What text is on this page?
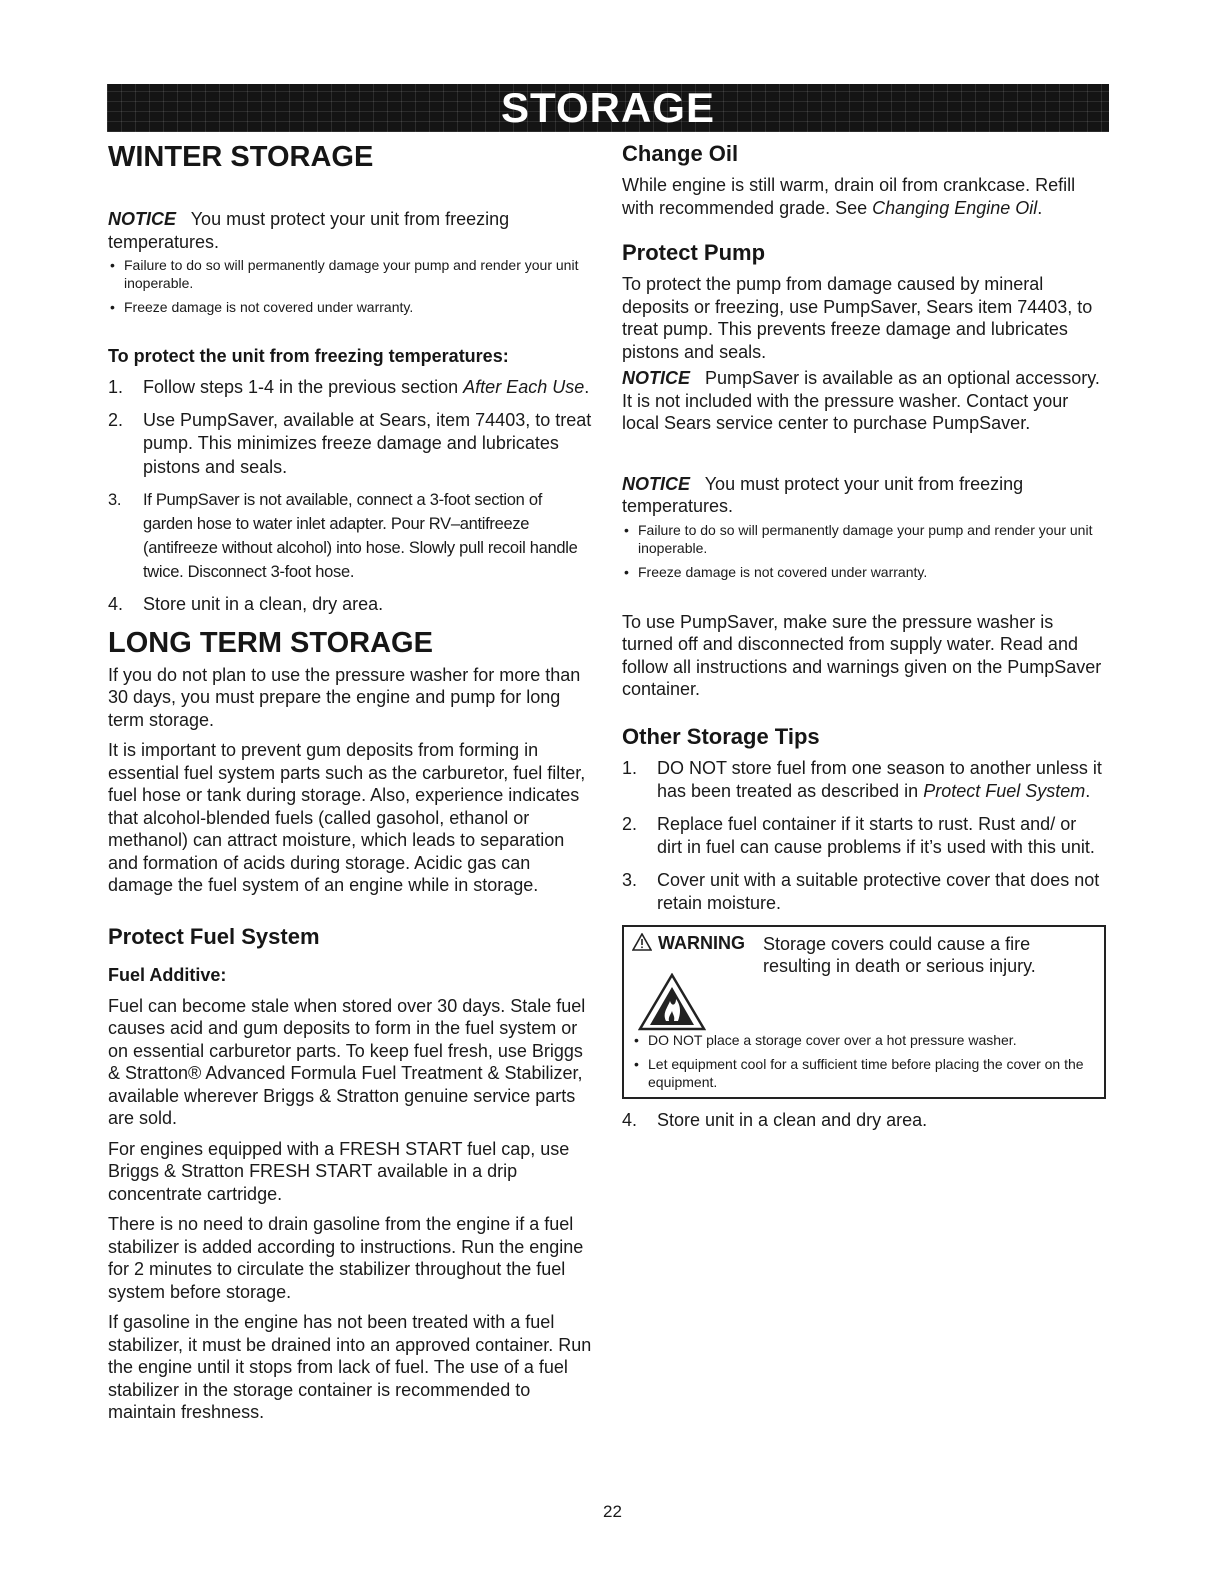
STORAGE
WINTER STORAGE

NOTICE You must protect your unit from freezing temperatures.

• Failure to do so will permanently damage your pump and render your unit inoperable.
• Freeze damage is not covered under warranty.
To protect the unit from freezing temperatures:
1. Follow steps 1-4 in the previous section After Each Use.
2. Use PumpSaver, available at Sears, item 74403, to treat pump. This minimizes freeze damage and lubricates pistons and seals.
3. If PumpSaver is not available, connect a 3-foot section of garden hose to water inlet adapter. Pour RV–antifreeze (antifreeze without alcohol) into hose. Slowly pull recoil handle twice. Disconnect 3-foot hose.
4. Store unit in a clean, dry area.
LONG TERM STORAGE

If you do not plan to use the pressure washer for more than 30 days, you must prepare the engine and pump for long term storage.

It is important to prevent gum deposits from forming in essential fuel system parts such as the carburetor, fuel filter, fuel hose or tank during storage. Also, experience indicates that alcohol-blended fuels (called gasohol, ethanol or methanol) can attract moisture, which leads to separation and formation of acids during storage. Acidic gas can damage the fuel system of an engine while in storage.

Protect Fuel System
Fuel Additive:

Fuel can become stale when stored over 30 days. Stale fuel causes acid and gum deposits to form in the fuel system or on essential carburetor parts. To keep fuel fresh, use Briggs & Stratton® Advanced Formula Fuel Treatment & Stabilizer, available wherever Briggs & Stratton genuine service parts are sold.

For engines equipped with a FRESH START fuel cap, use Briggs & Stratton FRESH START available in a drip concentrate cartridge.

There is no need to drain gasoline from the engine if a fuel stabilizer is added according to instructions. Run the engine for 2 minutes to circulate the stabilizer throughout the fuel system before storage.

If gasoline in the engine has not been treated with a fuel stabilizer, it must be drained into an approved container. Run the engine until it stops from lack of fuel. The use of a fuel stabilizer in the storage container is recommended to maintain freshness.

Change Oil

While engine is still warm, drain oil from crankcase. Refill with recommended grade. See Changing Engine Oil.

Protect Pump

To protect the pump from damage caused by mineral deposits or freezing, use PumpSaver, Sears item 74403, to treat pump. This prevents freeze damage and lubricates pistons and seals.

NOTICE PumpSaver is available as an optional accessory. It is not included with the pressure washer. Contact your local Sears service center to purchase PumpSaver.

NOTICE You must protect your unit from freezing temperatures.

• Failure to do so will permanently damage your pump and render your unit inoperable.
• Freeze damage is not covered under warranty.

To use PumpSaver, make sure the pressure washer is turned off and disconnected from supply water. Read and follow all instructions and warnings given on the PumpSaver container.

Other Storage Tips
1. DO NOT store fuel from one season to another unless it has been treated as described in Protect Fuel System.
2. Replace fuel container if it starts to rust. Rust and/ or dirt in fuel can cause problems if it’s used with this unit.
3. Cover unit with a suitable protective cover that does not retain moisture.
WARNING Storage covers could cause a fire resulting in death or serious injury.
• DO NOT place a storage cover over a hot pressure washer.
• Let equipment cool for a sufficient time before placing the cover on the equipment.
4. Store unit in a clean and dry area.
22
